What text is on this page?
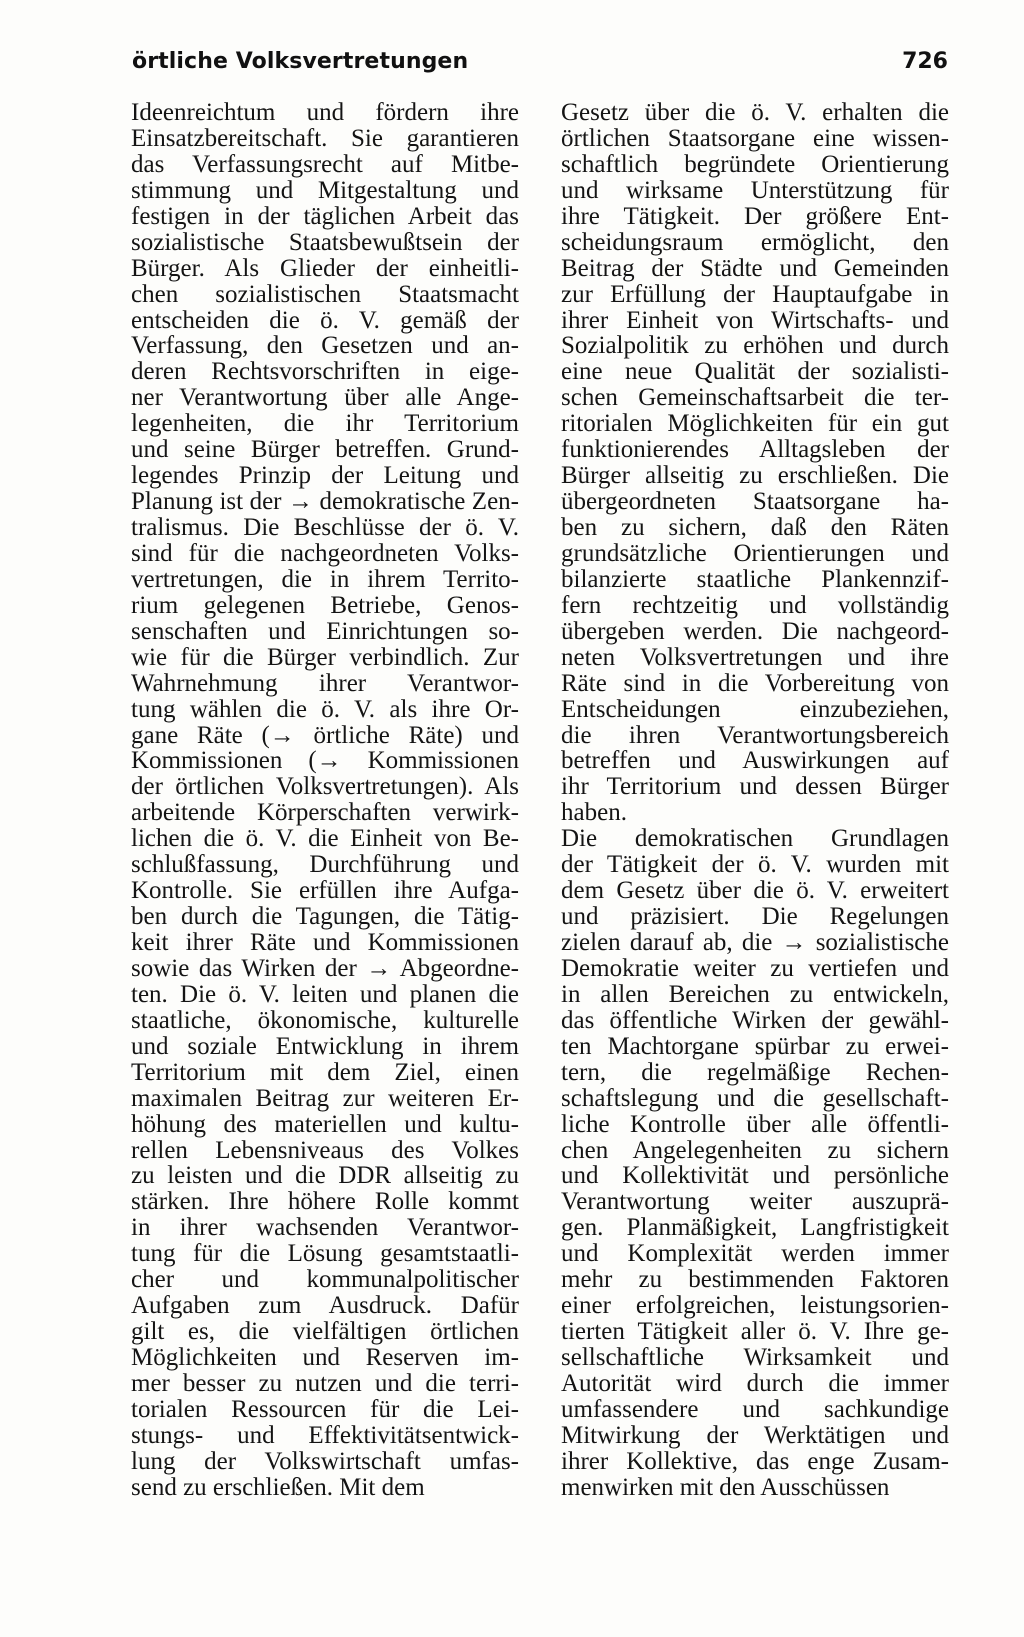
örtliche Volksvertretungen	726
Ideenreichtum und fördern ihre
Einsatzbereitschaft. Sie garantieren
das Verfassungsrecht auf Mitbe-
stimmung und Mitgestaltung und
festigen in der täglichen Arbeit das
sozialistische Staatsbewußtsein der
Bürger. Als Glieder der einheitli-
chen sozialistischen Staatsmacht
entscheiden die ö. V. gemäß der
Verfassung, den Gesetzen und an-
deren Rechtsvorschriften in eige-
ner Verantwortung über alle Ange-
legenheiten, die ihr Territorium
und seine Bürger betreffen. Grund-
legendes Prinzip der Leitung und
Planung ist der → demokratische Zen-
tralismus. Die Beschlüsse der ö. V.
sind für die nachgeordneten Volks-
vertretungen, die in ihrem Territo-
rium gelegenen Betriebe, Genos-
senschaften und Einrichtungen so-
wie für die Bürger verbindlich. Zur
Wahrnehmung ihrer Verantwor-
tung wählen die ö. V. als ihre Or-
gane Räte (→ örtliche Räte) und
Kommissionen (→ Kommissionen
der örtlichen Volksvertretungen). Als
arbeitende Körperschaften verwirk-
lichen die ö. V. die Einheit von Be-
schlußfassung, Durchführung und
Kontrolle. Sie erfüllen ihre Aufga-
ben durch die Tagungen, die Tätig-
keit ihrer Räte und Kommissionen
sowie das Wirken der → Abgeordne-
ten. Die ö. V. leiten und planen die
staatliche, ökonomische, kulturelle
und soziale Entwicklung in ihrem
Territorium mit dem Ziel, einen
maximalen Beitrag zur weiteren Er-
höhung des materiellen und kultu-
rellen Lebensniveaus des Volkes
zu leisten und die DDR allseitig zu
stärken. Ihre höhere Rolle kommt
in ihrer wachsenden Verantwor-
tung für die Lösung gesamtstaatli-
cher und kommunalpolitischer
Aufgaben zum Ausdruck. Dafür
gilt es, die vielfältigen örtlichen
Möglichkeiten und Reserven im-
mer besser zu nutzen und die terri-
torialen Ressourcen für die Lei-
stungs- und Effektivitätsentwick-
lung der Volkswirtschaft umfas-
send zu erschließen. Mit dem
Gesetz über die ö. V. erhalten die
örtlichen Staatsorgane eine wissen-
schaftlich begründete Orientierung
und wirksame Unterstützung für
ihre Tätigkeit. Der größere Ent-
scheidungsraum ermöglicht, den
Beitrag der Städte und Gemeinden
zur Erfüllung der Hauptaufgabe in
ihrer Einheit von Wirtschafts- und
Sozialpolitik zu erhöhen und durch
eine neue Qualität der sozialisti-
schen Gemeinschaftsarbeit die ter-
ritorialen Möglichkeiten für ein gut
funktionierendes Alltagsleben der
Bürger allseitig zu erschließen. Die
übergeordneten Staatsorgane ha-
ben zu sichern, daß den Räten
grundsätzliche Orientierungen und
bilanzierte staatliche Plankennzif-
fern rechtzeitig und vollständig
übergeben werden. Die nachgeord-
neten Volksvertretungen und ihre
Räte sind in die Vorbereitung von
Entscheidungen einzubeziehen,
die ihren Verantwortungsbereich
betreffen und Auswirkungen auf
ihr Territorium und dessen Bürger
haben.
Die demokratischen Grundlagen
der Tätigkeit der ö. V. wurden mit
dem Gesetz über die ö. V. erweitert
und präzisiert. Die Regelungen
zielen darauf ab, die → sozialistische
Demokratie weiter zu vertiefen und
in allen Bereichen zu entwickeln,
das öffentliche Wirken der gewähl-
ten Machtorgane spürbar zu erwei-
tern, die regelmäßige Rechen-
schaftslegung und die gesellschaft-
liche Kontrolle über alle öffentli-
chen Angelegenheiten zu sichern
und Kollektivität und persönliche
Verantwortung weiter auszuprä-
gen. Planmäßigkeit, Langfristigkeit
und Komplexität werden immer
mehr zu bestimmenden Faktoren
einer erfolgreichen, leistungsorien-
tierten Tätigkeit aller ö. V. Ihre ge-
sellschaftliche Wirksamkeit und
Autorität wird durch die immer
umfassendere und sachkundige
Mitwirkung der Werktätigen und
ihrer Kollektive, das enge Zusam-
menwirken mit den Ausschüssen
